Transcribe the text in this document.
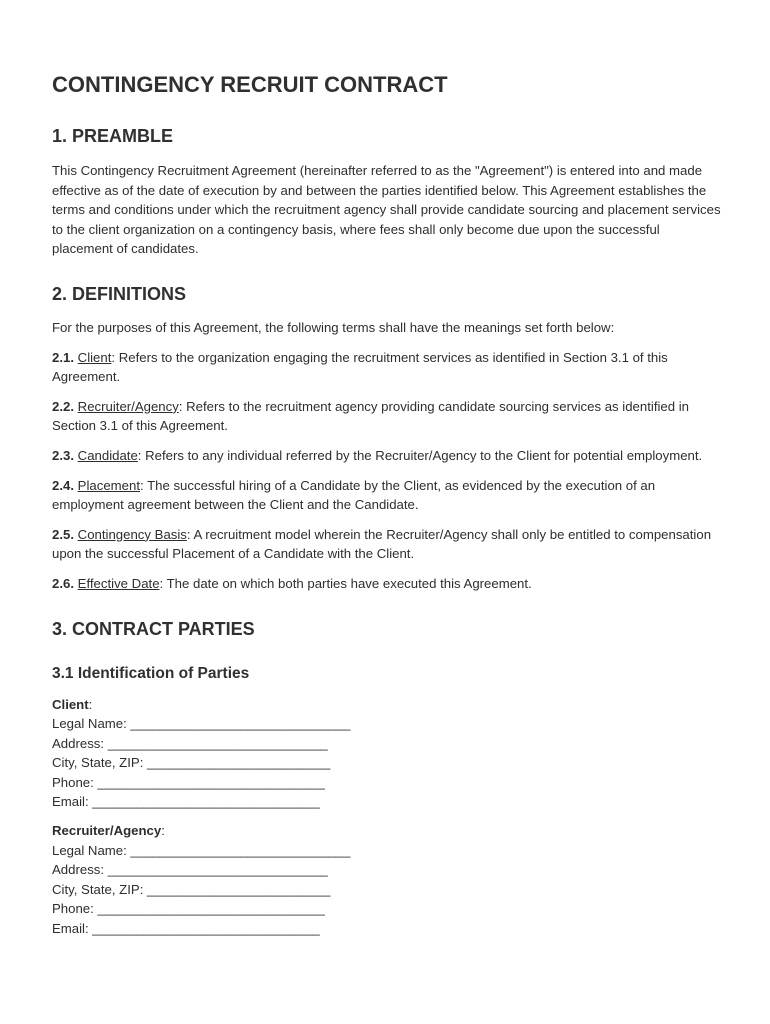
CONTINGENCY RECRUIT CONTRACT
1. PREAMBLE

This Contingency Recruitment Agreement (hereinafter referred to as the "Agreement") is entered into and made effective as of the date of execution by and between the parties identified below. This Agreement establishes the terms and conditions under which the recruitment agency shall provide candidate sourcing and placement services to the client organization on a contingency basis, where fees shall only become due upon the successful placement of candidates.

2. DEFINITIONS

For the purposes of this Agreement, the following terms shall have the meanings set forth below:

2.1. Client: Refers to the organization engaging the recruitment services as identified in Section 3.1 of this Agreement.

2.2. Recruiter/Agency: Refers to the recruitment agency providing candidate sourcing services as identified in Section 3.1 of this Agreement.

2.3. Candidate: Refers to any individual referred by the Recruiter/Agency to the Client for potential employment.

2.4. Placement: The successful hiring of a Candidate by the Client, as evidenced by the execution of an employment agreement between the Client and the Candidate.

2.5. Contingency Basis: A recruitment model wherein the Recruiter/Agency shall only be entitled to compensation upon the successful Placement of a Candidate with the Client.

2.6. Effective Date: The date on which both parties have executed this Agreement.

3. CONTRACT PARTIES
3.1 Identification of Parties
Client:
Legal Name: ______________________________
Address: ______________________________
City, State, ZIP: _________________________
Phone: _______________________________
Email: _______________________________
Recruiter/Agency:
Legal Name: ______________________________
Address: ______________________________
City, State, ZIP: _________________________
Phone: _______________________________
Email: _______________________________
